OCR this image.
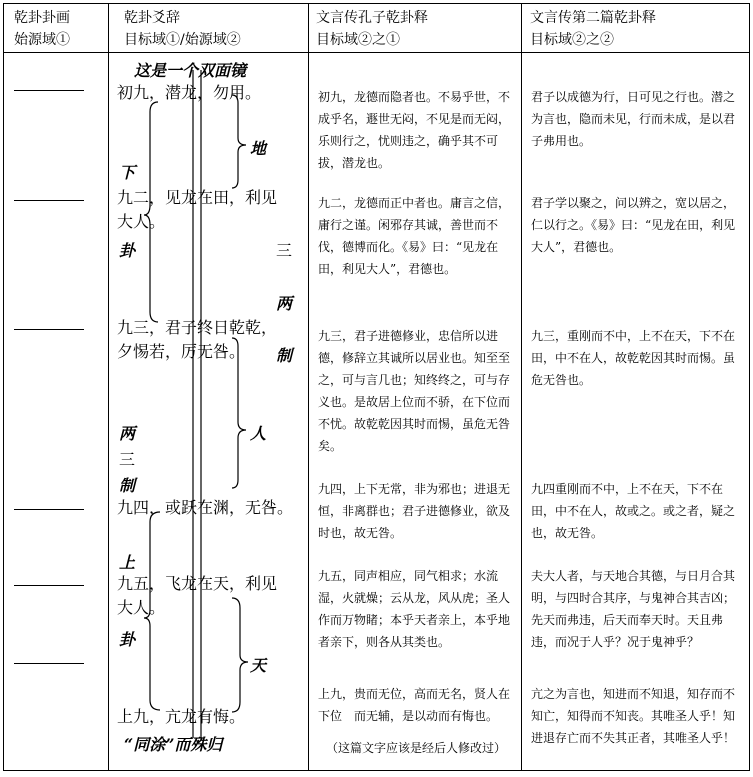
乾卦卦画
始源域①
乾卦爻辞
目标域①/始源域②
文言传孔子乾卦释
目标域②之①
文言传第二篇乾卦释
目标域②之②
这是一个双面镜
初九，潜龙，勿用。
地
下
九二，见龙在田，利见
大人。
卦	三
两
九三，君子终日乾乾，
夕惕若，厉无咎。 制
人
两
三
制
九四，或跃在渊，无咎。
上
九五，飞龙在天，利见
大人。
卦
天
上九，亢龙有悔。
“同涂”而殊归
初九，龙德而隐者也。不易乎世，不成乎名，遯世无闷，不见是而无闷，乐则行之，忧则违之，确乎其不可拔，潜龙也。
九二，龙德而正中者也。庸言之信，庸行之谨。闲邪存其诚，善世而不伐，德博而化。《易》曰：“见龙在田，利见大人”，君德也。
九三，君子进德修业，忠信所以进德，修辞立其诚所以居业也。知至至之，可与言几也；知终终之，可与存义也。是故居上位而不骄，在下位而不忧。故乾乾因其时而惕，虽危无咎矣。
九四，上下无常，非为邪也；进退无恒，非离群也；君子进德修业，欲及时也，故无咎。
九五，同声相应，同气相求；水流湿，火就燥；云从龙，风从虎；圣人作而万物睹；本乎天者亲上，本乎地者亲下，则各从其类也。
上九，贵而无位，高而无名，贤人在下位　而无辅，是以动而有悔也。
（这篇文字应该是经后人修改过）
君子以成德为行，日可见之行也。潜之为言也，隐而未见，行而未成，是以君子弗用也。
君子学以聚之，问以辨之，宽以居之，仁以行之。《易》曰：“见龙在田，利见大人”，君德也。
九三，重刚而不中，上不在天，下不在田，中不在人，故乾乾因其时而惕。虽危无咎也。
九四重刚而不中，上不在天，下不在田，中不在人，故或之。或之者，疑之也，故无咎。
夫大人者，与天地合其德，与日月合其明，与四时合其序，与鬼神合其吉凶；先天而弗违，后天而奉天时。天且弗违，而况于人乎？况于鬼神乎？
亢之为言也，知进而不知退，知存而不知亡，知得而不知丧。其唯圣人乎！知进退存亡而不失其正者，其唯圣人乎！
